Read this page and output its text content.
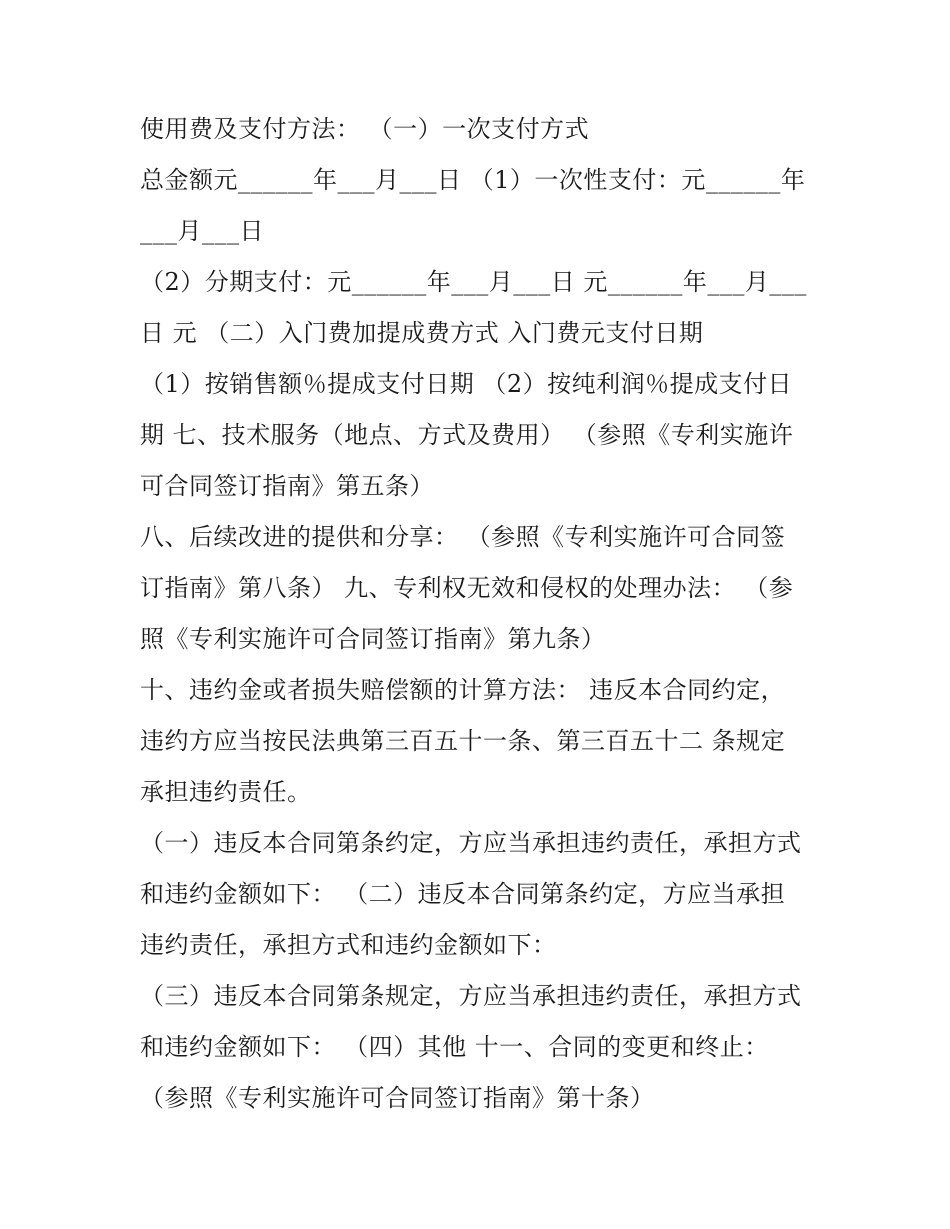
使用费及支付方法： （一）一次支付方式
总金额元______年___月___日 （1）一次性支付：元______年
___月___日
（2）分期支付：元______年___月___日 元______年___月___
日 元 （二）入门费加提成费方式 入门费元支付日期
（1）按销售额％提成支付日期 （2）按纯利润％提成支付日
期 七、技术服务（地点、方式及费用） （参照《专利实施许
可合同签订指南》第五条）
八、后续改进的提供和分享： （参照《专利实施许可合同签
订指南》第八条） 九、专利权无效和侵权的处理办法： （参
照《专利实施许可合同签订指南》第九条）
十、违约金或者损失赔偿额的计算方法： 违反本合同约定，
违约方应当按民法典第三百五十一条、第三百五十二 条规定
承担违约责任。
（一）违反本合同第条约定，方应当承担违约责任，承担方式
和违约金额如下： （二）违反本合同第条约定，方应当承担
违约责任，承担方式和违约金额如下：
（三）违反本合同第条规定，方应当承担违约责任，承担方式
和违约金额如下： （四）其他 十一、合同的变更和终止：
（参照《专利实施许可合同签订指南》第十条）
